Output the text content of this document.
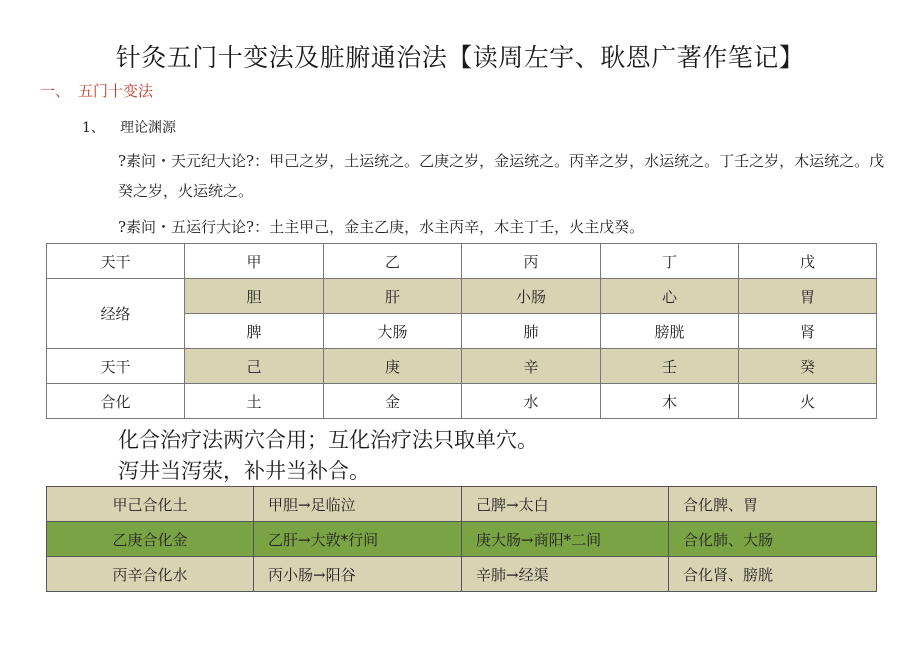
针灸五门十变法及脏腑通治法【读周左宇、耿恩广著作笔记】
一、 五门十变法
1、 理论渊源
?素问・天元纪大论?：甲己之岁，土运统之。乙庚之岁，金运统之。丙辛之岁，水运统之。丁壬之岁，木运统之。戊癸之岁，火运统之。
?素问・五运行大论?：土主甲己，金主乙庚，水主丙辛，木主丁壬，火主戊癸。
天干	甲	乙	丙	丁	戊
经络	胆	肝	小肠	心	胃
	脾	大肠	肺	膀胱	肾
天干	己	庚	辛	壬	癸
合化	土	金	水	木	火
化合治疗法两穴合用；互化治疗法只取单穴。
泻井当泻荥，补井当补合。
甲己合化土	甲胆→足临泣	己脾→太白	合化脾、胃
乙庚合化金	乙肝→大敦*行间	庚大肠→商阳*二间	合化肺、大肠
丙辛合化水	丙小肠→阳谷	辛肺→经渠	合化肾、膀胱
